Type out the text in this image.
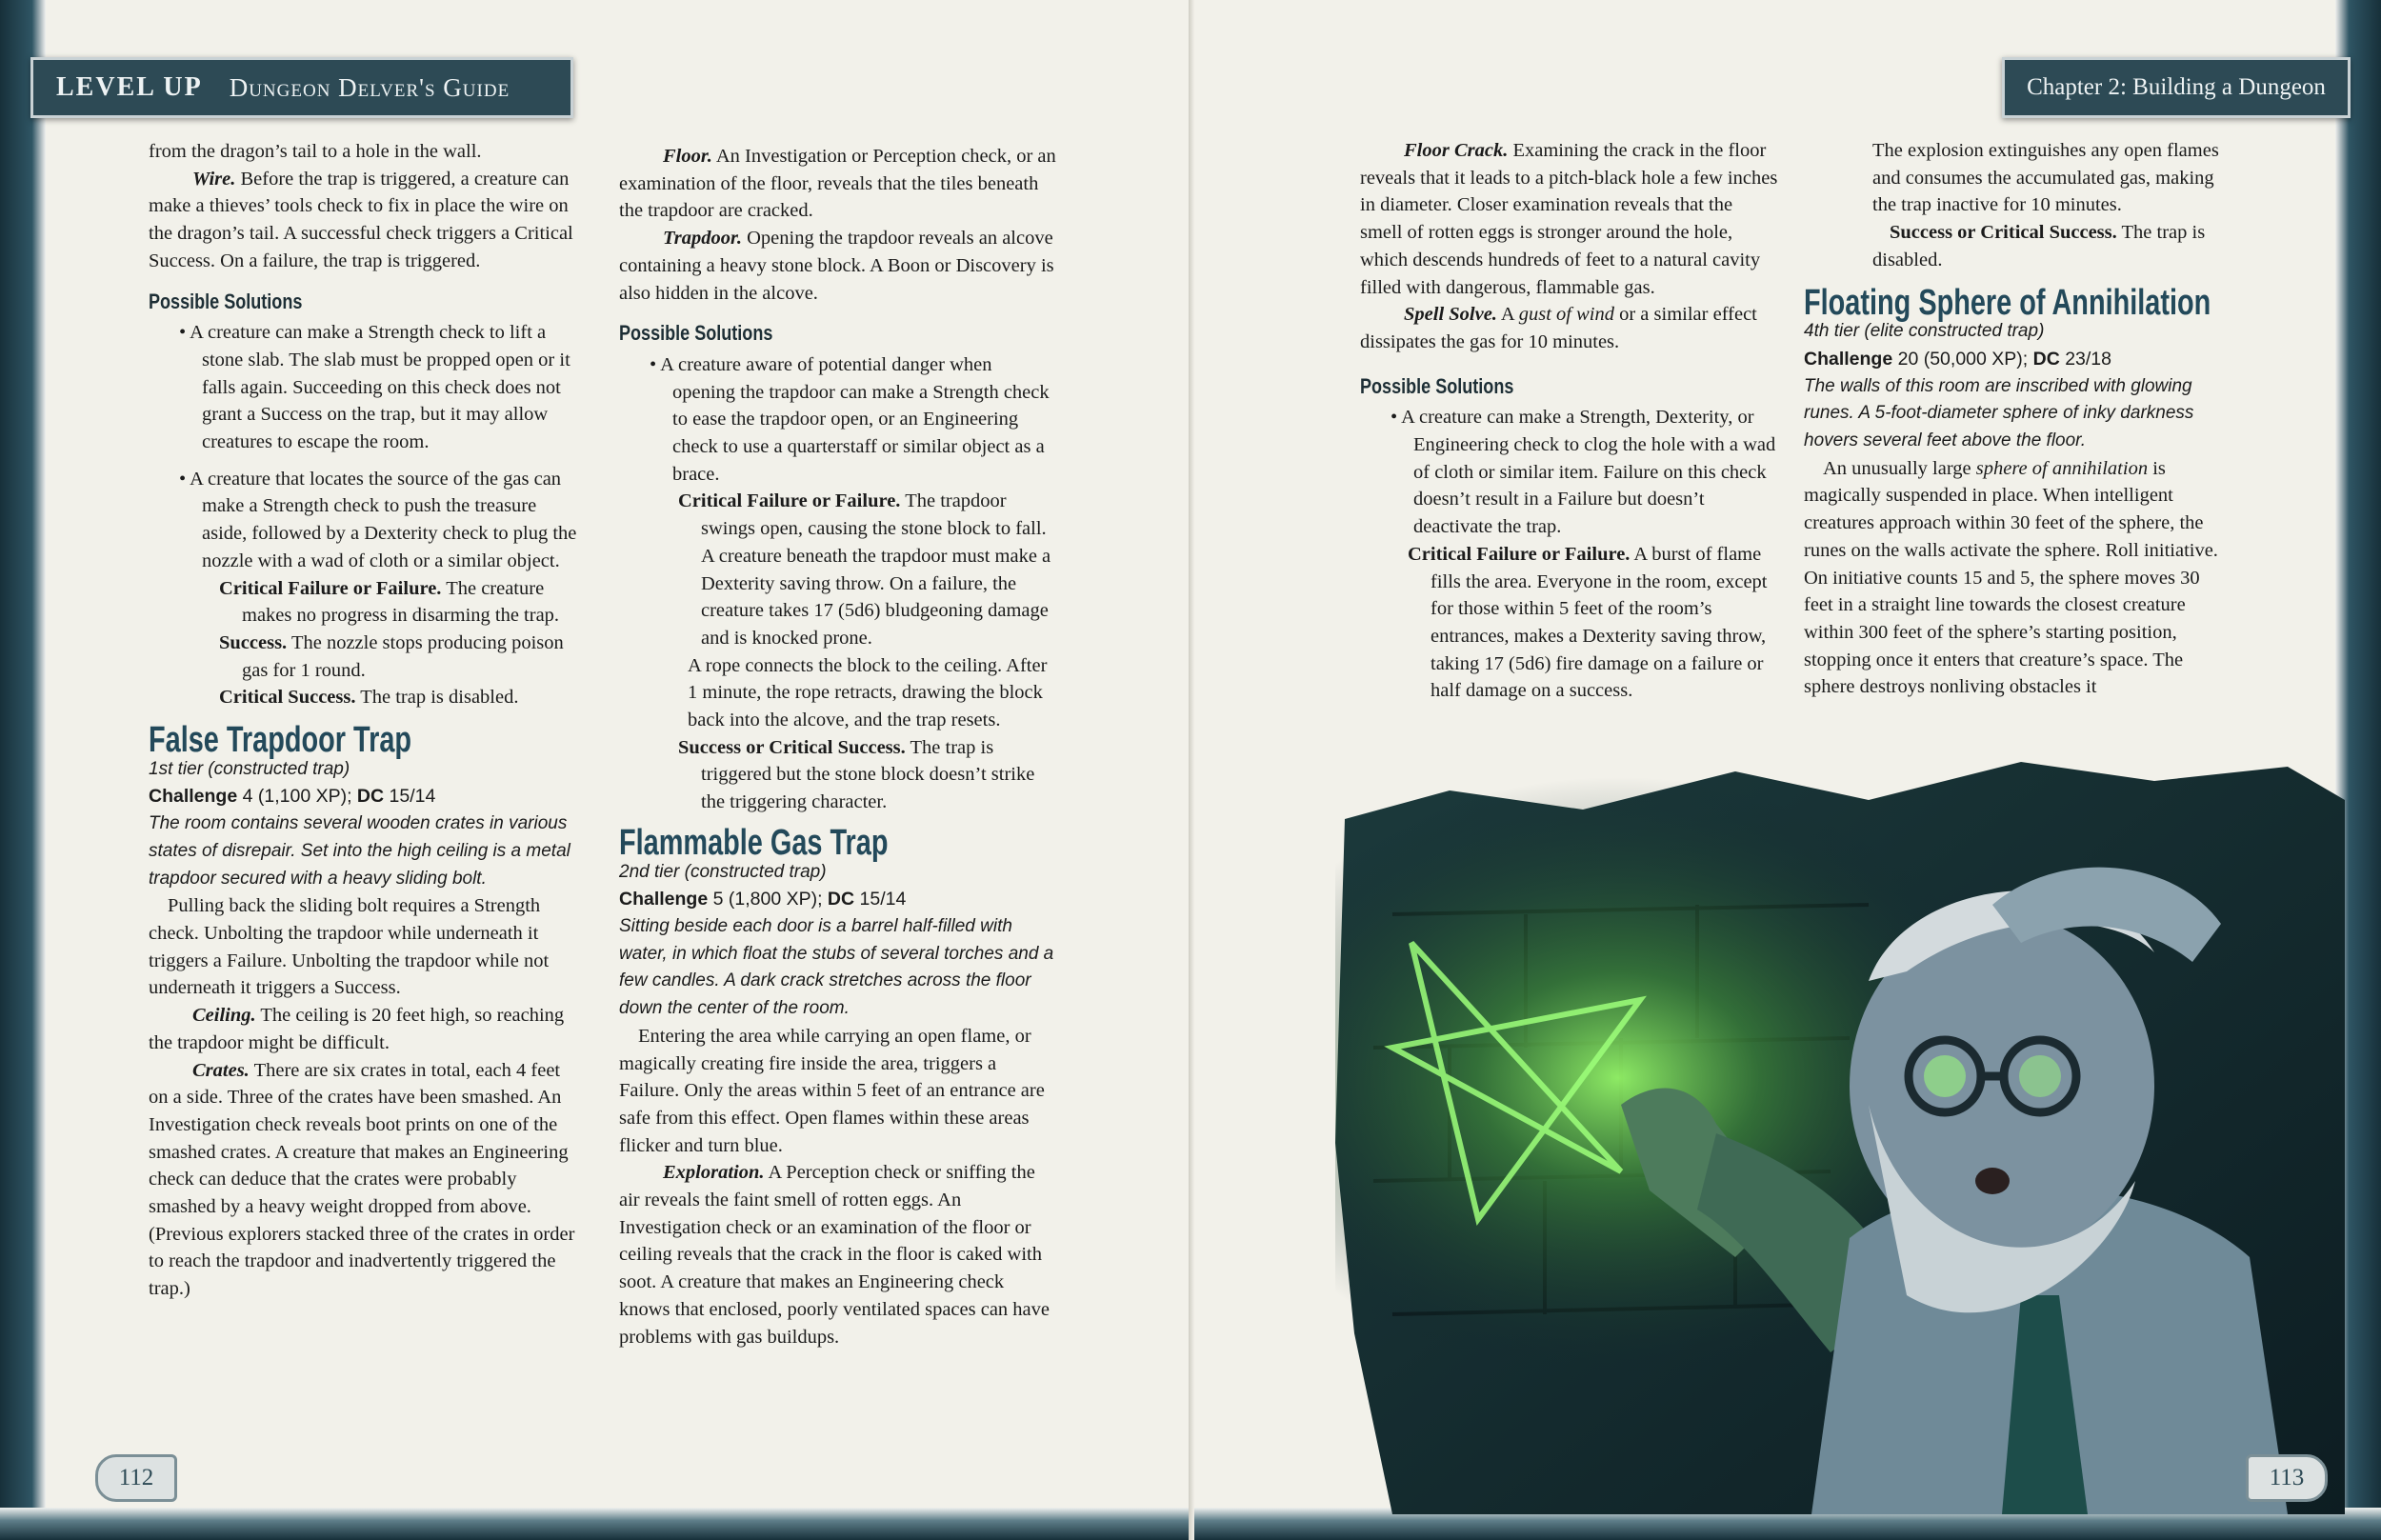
LEVEL UP Dungeon Delver's Guide

from the dragon’s tail to a hole in the wall.

Wire. Before the trap is triggered, a creature can make a thieves’ tools check to fix in place the wire on the dragon’s tail. A successful check triggers a Critical Success. On a failure, the trap is triggered.

Possible Solutions

• A creature can make a Strength check to lift a stone slab. The slab must be propped open or it falls again. Succeeding on this check does not grant a Success on the trap, but it may allow creatures to escape the room.

• A creature that locates the source of the gas can make a Strength check to push the treasure aside, followed by a Dexterity check to plug the nozzle with a wad of cloth or a similar object.

Critical Failure or Failure. The creature makes no progress in disarming the trap.

Success. The nozzle stops producing poison gas for 1 round.

Critical Success. The trap is disabled.

False Trapdoor Trap

1st tier (constructed trap)

Challenge 4 (1,100 XP); DC 15/14

The room contains several wooden crates in various states of disrepair. Set into the high ceiling is a metal trapdoor secured with a heavy sliding bolt.

Pulling back the sliding bolt requires a Strength check. Unbolting the trapdoor while underneath it triggers a Failure. Unbolting the trapdoor while not underneath it triggers a Success.

Ceiling. The ceiling is 20 feet high, so reaching the trapdoor might be difficult.

Crates. There are six crates in total, each 4 feet on a side. Three of the crates have been smashed. An Investigation check reveals boot prints on one of the smashed crates. A creature that makes an Engineering check can deduce that the crates were probably smashed by a heavy weight dropped from above. (Previous explorers stacked three of the crates in order to reach the trapdoor and inadvertently triggered the trap.)

Floor. An Investigation or Perception check, or an examination of the floor, reveals that the tiles beneath the trapdoor are cracked.

Trapdoor. Opening the trapdoor reveals an alcove containing a heavy stone block. A Boon or Discovery is also hidden in the alcove.

Possible Solutions

• A creature aware of potential danger when opening the trapdoor can make a Strength check to ease the trapdoor open, or an Engineering check to use a quarterstaff or similar object as a brace.

Critical Failure or Failure. The trapdoor swings open, causing the stone block to fall. A creature beneath the trapdoor must make a Dexterity saving throw. On a failure, the creature takes 17 (5d6) bludgeoning damage and is knocked prone.

A rope connects the block to the ceiling. After 1 minute, the rope retracts, drawing the block back into the alcove, and the trap resets.

Success or Critical Success. The trap is triggered but the stone block doesn’t strike the triggering character.

Flammable Gas Trap

2nd tier (constructed trap)

Challenge 5 (1,800 XP); DC 15/14

Sitting beside each door is a barrel half-filled with water, in which float the stubs of several torches and a few candles. A dark crack stretches across the floor down the center of the room.

Entering the area while carrying an open flame, or magically creating fire inside the area, triggers a Failure. Only the areas within 5 feet of an entrance are safe from this effect. Open flames within these areas flicker and turn blue.

Exploration. A Perception check or sniffing the air reveals the faint smell of rotten eggs. An Investigation check or an examination of the floor or ceiling reveals that the crack in the floor is caked with soot. A creature that makes an Engineering check knows that enclosed, poorly ventilated spaces can have problems with gas buildups.

112
Chapter 2: Building a Dungeon

Floor Crack. Examining the crack in the floor reveals that it leads to a pitch-black hole a few inches in diameter. Closer examination reveals that the smell of rotten eggs is stronger around the hole, which descends hundreds of feet to a natural cavity filled with dangerous, flammable gas.

Spell Solve. A gust of wind or a similar effect dissipates the gas for 10 minutes.

Possible Solutions

• A creature can make a Strength, Dexterity, or Engineering check to clog the hole with a wad of cloth or similar item. Failure on this check doesn’t result in a Failure but doesn’t deactivate the trap.

Critical Failure or Failure. A burst of flame fills the area. Everyone in the room, except for those within 5 feet of the room’s entrances, makes a Dexterity saving throw, taking 17 (5d6) fire damage on a failure or half damage on a success.

The explosion extinguishes any open flames and consumes the accumulated gas, making the trap inactive for 10 minutes.

Success or Critical Success. The trap is disabled.

Floating Sphere of Annihilation

4th tier (elite constructed trap)

Challenge 20 (50,000 XP); DC 23/18

The walls of this room are inscribed with glowing runes. A 5-foot-diameter sphere of inky darkness hovers several feet above the floor.

An unusually large sphere of annihilation is magically suspended in place. When intelligent creatures approach within 30 feet of the sphere, the runes on the walls activate the sphere. Roll initiative. On initiative counts 15 and 5, the sphere moves 30 feet in a straight line towards the closest creature within 300 feet of the sphere’s starting position, stopping once it enters that creature’s space. The sphere destroys nonliving obstacles it

113
